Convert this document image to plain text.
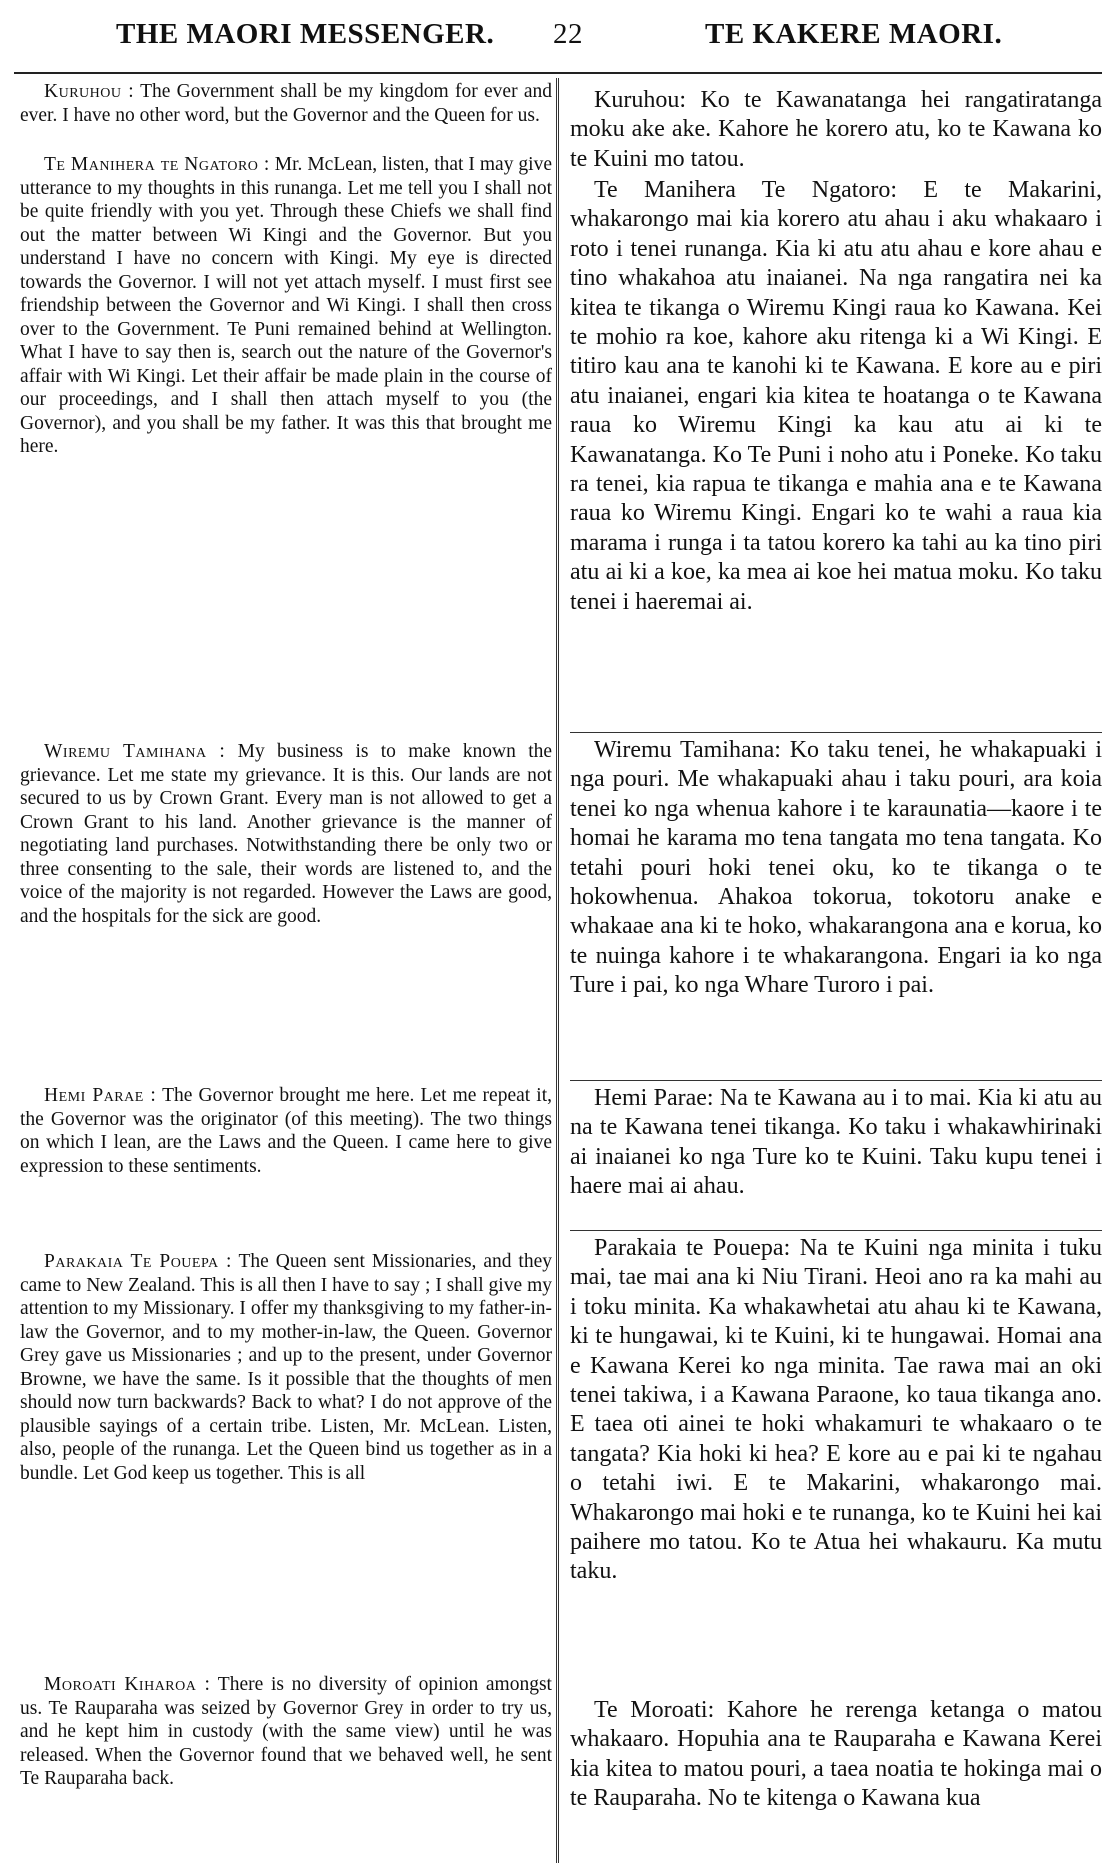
THE MAORI MESSENGER. 22	TE KAKERE MAORI.

Kuruhou : The Government shall be my kingdom for ever and ever. I have no other word, but the Governor and the Queen for us.

Te Manihera te Ngatoro : Mr. McLean, listen, that I may give utterance to my thoughts in this runanga. Let me tell you I shall not be quite friendly with you yet. Through these Chiefs we shall find out the matter between Wi Kingi and the Governor. But you understand I have no concern with Kingi. My eye is directed towards the Governor. I will not yet attach myself. I must first see friendship between the Governor and Wi Kingi. I shall then cross over to the Government. Te Puni remained behind at Wellington. What I have to say then is, search out the nature of the Governor's affair with Wi Kingi. Let their affair be made plain in the course of our proceedings, and I shall then attach myself to you (the Governor), and you shall be my father. It was this that brought me here.

Wiremu Tamihana : My business is to make known the grievance. Let me state my grievance. It is this. Our lands are not secured to us by Crown Grant. Every man is not allowed to get a Crown Grant to his land. Another grievance is the manner of negotiating land purchases. Notwithstanding there be only two or three consenting to the sale, their words are listened to, and the voice of the majority is not regarded. However the Laws are good, and the hospitals for the sick are good.

Hemi Parae : The Governor brought me here. Let me repeat it, the Governor was the originator (of this meeting). The two things on which I lean, are the Laws and the Queen. I came here to give expression to these sentiments.

Parakaia Te Pouepa : The Queen sent Missionaries, and they came to New Zealand. This is all then I have to say ; I shall give my attention to my Missionary. I offer my thanksgiving to my father-in-law the Governor, and to my mother-in-law, the Queen. Governor Grey gave us Missionaries ; and up to the present, under Governor Browne, we have the same. Is it possible that the thoughts of men should now turn backwards? Back to what? I do not approve of the plausible sayings of a certain tribe. Listen, Mr. McLean. Listen, also, people of the runanga. Let the Queen bind us together as in a bundle. Let God keep us together. This is all

Moroati Kiharoa : There is no diversity of opinion amongst us. Te Rauparaha was seized by Governor Grey in order to try us, and he kept him in custody (with the same view) until he was released. When the Governor found that we behaved well, he sent Te Rauparaha back.

Kuruhou: Ko te Kawanatanga hei rangatiratanga moku ake ake. Kahore he korero atu, ko te Kawana ko te Kuini mo tatou.

Te Manihera Te Ngatoro: E te Makarini, whakarongo mai kia korero atu ahau i aku whakaaro i roto i tenei runanga. Kia ki atu atu ahau e kore ahau e tino whakahoa atu inaianei. Na nga rangatira nei ka kitea te tikanga o Wiremu Kingi raua ko Kawana. Kei te mohio ra koe, kahore aku ritenga ki a Wi Kingi. E titiro kau ana te kanohi ki te Kawana. E kore au e piri atu inaianei, engari kia kitea te hoatanga o te Kawana raua ko Wiremu Kingi ka kau atu ai ki te Kawanatanga. Ko Te Puni i noho atu i Poneke. Ko taku ra tenei, kia rapua te tikanga e mahia ana e te Kawana raua ko Wiremu Kingi. Engari ko te wahi a raua kia marama i runga i ta tatou korero ka tahi au ka tino piri atu ai ki a koe, ka mea ai koe hei matua moku. Ko taku tenei i haeremai ai.

Wiremu Tamihana: Ko taku tenei, he whakapuaki i nga pouri. Me whakapuaki ahau i taku pouri, ara koia tenei ko nga whenua kahore i te karaunatia—kaore i te homai he karama mo tena tangata mo tena tangata. Ko tetahi pouri hoki tenei oku, ko te tikanga o te hokowhenua. Ahakoa tokorua, tokotoru anake e whakaae ana ki te hoko, whakarangona ana e korua, ko te nuinga kahore i te whakarangona. Engari ia ko nga Ture i pai, ko nga Whare Turoro i pai.

Hemi Parae: Na te Kawana au i to mai. Kia ki atu au na te Kawana tenei tikanga. Ko taku i whakawhirinaki ai inaianei ko nga Ture ko te Kuini. Taku kupu tenei i haere mai ai ahau.

Parakaia te Pouepa: Na te Kuini nga minita i tuku mai, tae mai ana ki Niu Tirani. Heoi ano ra ka mahi au i toku minita. Ka whakawhetai atu ahau ki te Kawana, ki te hungawai, ki te Kuini, ki te hungawai. Homai ana e Kawana Kerei ko nga minita. Tae rawa mai an oki tenei takiwa, i a Kawana Paraone, ko taua tikanga ano. E taea oti ainei te hoki whakamuri te whakaaro o te tangata? Kia hoki ki hea? E kore au e pai ki te ngahau o tetahi iwi. E te Makarini, whakarongo mai. Whakarongo mai hoki e te runanga, ko te Kuini hei kai paihere mo tatou. Ko te Atua hei whakauru. Ka mutu taku.

Te Moroati: Kahore he rerenga ketanga o matou whakaaro. Hopuhia ana te Rauparaha e Kawana Kerei kia kitea to matou pouri, a taea noatia te hokinga mai o te Rauparaha. No te kitenga o Kawana kua
